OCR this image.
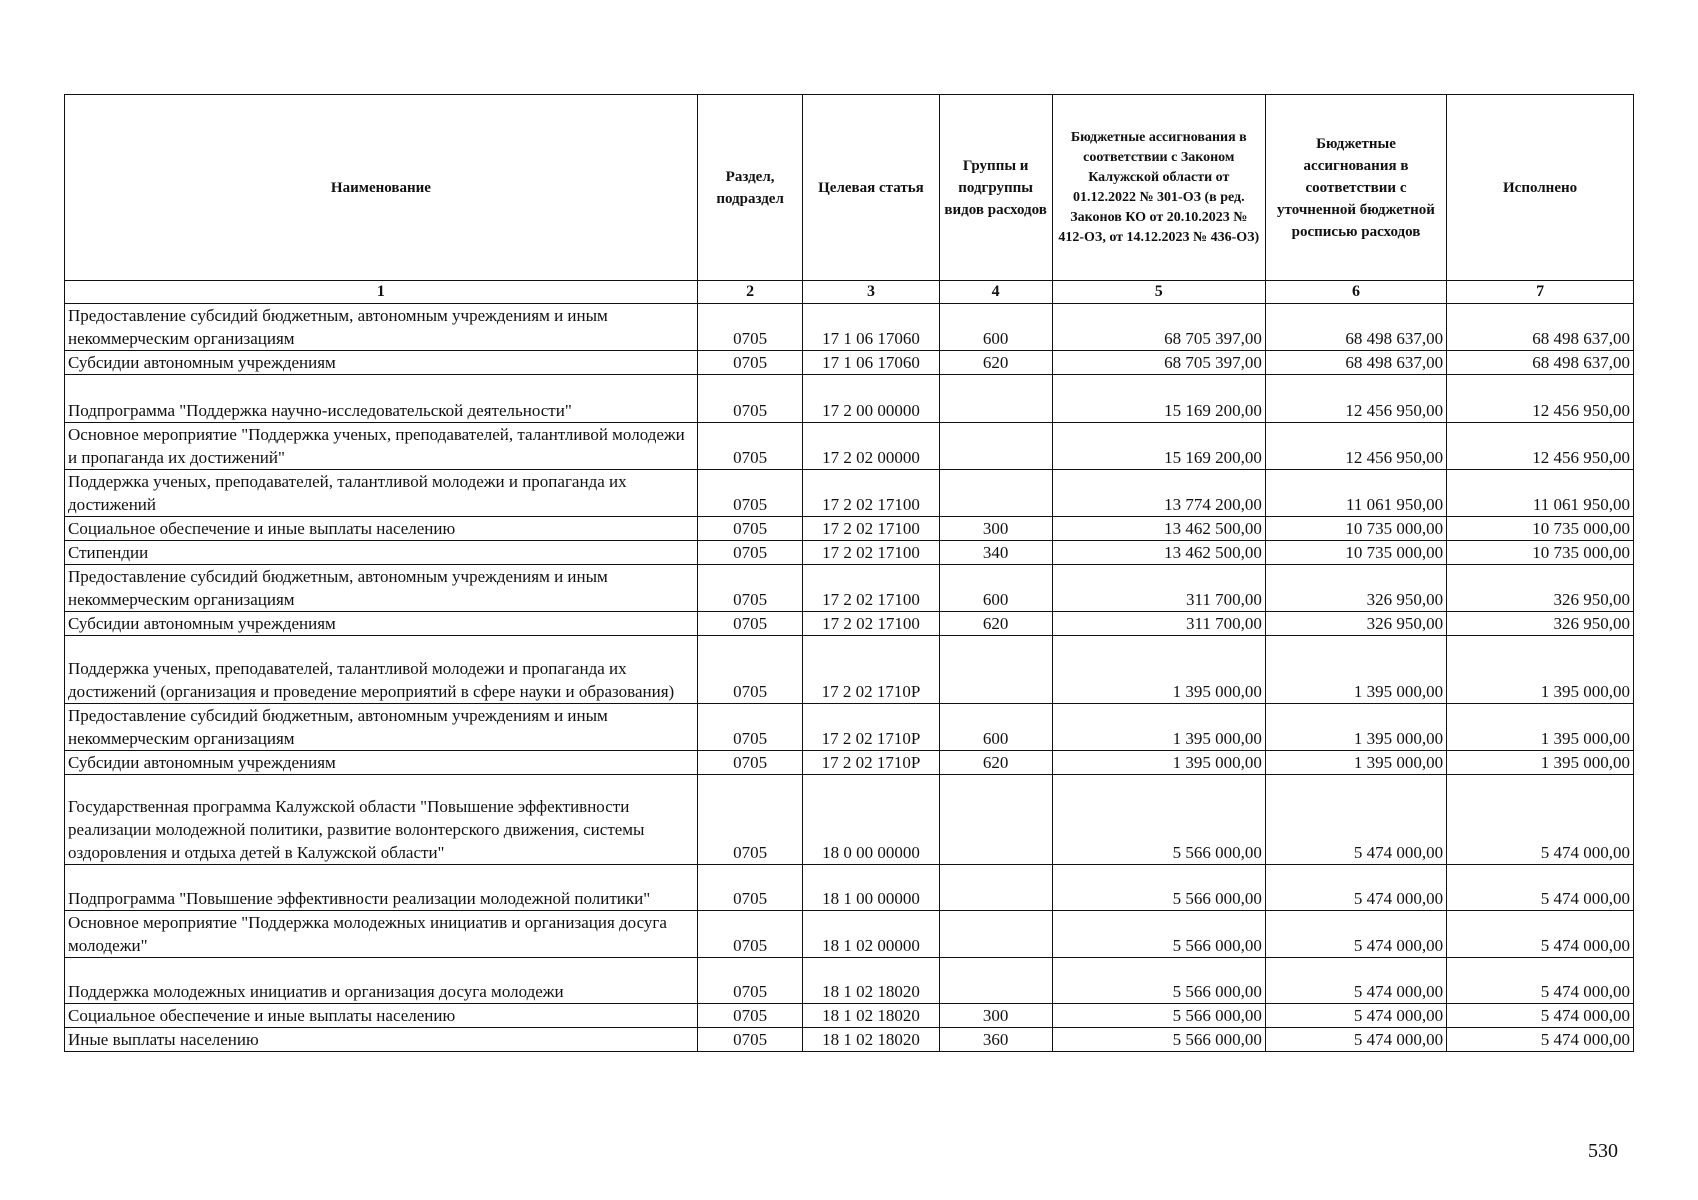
Наименование	Раздел, подраздел	Целевая статья	Группы и подгруппы видов расходов	Бюджетные ассигнования в соответствии с Законом Калужской области от 01.12.2022 № 301-ОЗ (в ред. Законов КО от 20.10.2023 № 412-ОЗ, от 14.12.2023 № 436-ОЗ)	Бюджетные ассигнования в соответствии с уточненной бюджетной росписью расходов	Исполнено
1	2	3	4	5	6	7
Предоставление субсидий бюджетным, автономным учреждениям и иным некоммерческим организациям	0705	17 1 06 17060	600	68 705 397,00	68 498 637,00	68 498 637,00
Субсидии автономным учреждениям	0705	17 1 06 17060	620	68 705 397,00	68 498 637,00	68 498 637,00
Подпрограмма "Поддержка научно-исследовательской деятельности"	0705	17 2 00 00000		15 169 200,00	12 456 950,00	12 456 950,00
Основное мероприятие "Поддержка ученых, преподавателей, талантливой молодежи и пропаганда их достижений"	0705	17 2 02 00000		15 169 200,00	12 456 950,00	12 456 950,00
Поддержка ученых, преподавателей, талантливой молодежи и пропаганда их достижений	0705	17 2 02 17100		13 774 200,00	11 061 950,00	11 061 950,00
Социальное обеспечение и иные выплаты населению	0705	17 2 02 17100	300	13 462 500,00	10 735 000,00	10 735 000,00
Стипендии	0705	17 2 02 17100	340	13 462 500,00	10 735 000,00	10 735 000,00
Предоставление субсидий бюджетным, автономным учреждениям и иным некоммерческим организациям	0705	17 2 02 17100	600	311 700,00	326 950,00	326 950,00
Субсидии автономным учреждениям	0705	17 2 02 17100	620	311 700,00	326 950,00	326 950,00
Поддержка ученых, преподавателей, талантливой молодежи и пропаганда их достижений (организация и проведение мероприятий в сфере науки и образования)	0705	17 2 02 1710Р		1 395 000,00	1 395 000,00	1 395 000,00
Предоставление субсидий бюджетным, автономным учреждениям и иным некоммерческим организациям	0705	17 2 02 1710Р	600	1 395 000,00	1 395 000,00	1 395 000,00
Субсидии автономным учреждениям	0705	17 2 02 1710Р	620	1 395 000,00	1 395 000,00	1 395 000,00
Государственная программа Калужской области "Повышение эффективности реализации молодежной политики, развитие волонтерского движения, системы оздоровления и отдыха детей в Калужской области"	0705	18 0 00 00000		5 566 000,00	5 474 000,00	5 474 000,00
Подпрограмма "Повышение эффективности реализации молодежной политики"	0705	18 1 00 00000		5 566 000,00	5 474 000,00	5 474 000,00
Основное мероприятие "Поддержка молодежных инициатив и организация досуга молодежи"	0705	18 1 02 00000		5 566 000,00	5 474 000,00	5 474 000,00
Поддержка молодежных инициатив и организация досуга молодежи	0705	18 1 02 18020		5 566 000,00	5 474 000,00	5 474 000,00
Социальное обеспечение и иные выплаты населению	0705	18 1 02 18020	300	5 566 000,00	5 474 000,00	5 474 000,00
Иные выплаты населению	0705	18 1 02 18020	360	5 566 000,00	5 474 000,00	5 474 000,00
530
